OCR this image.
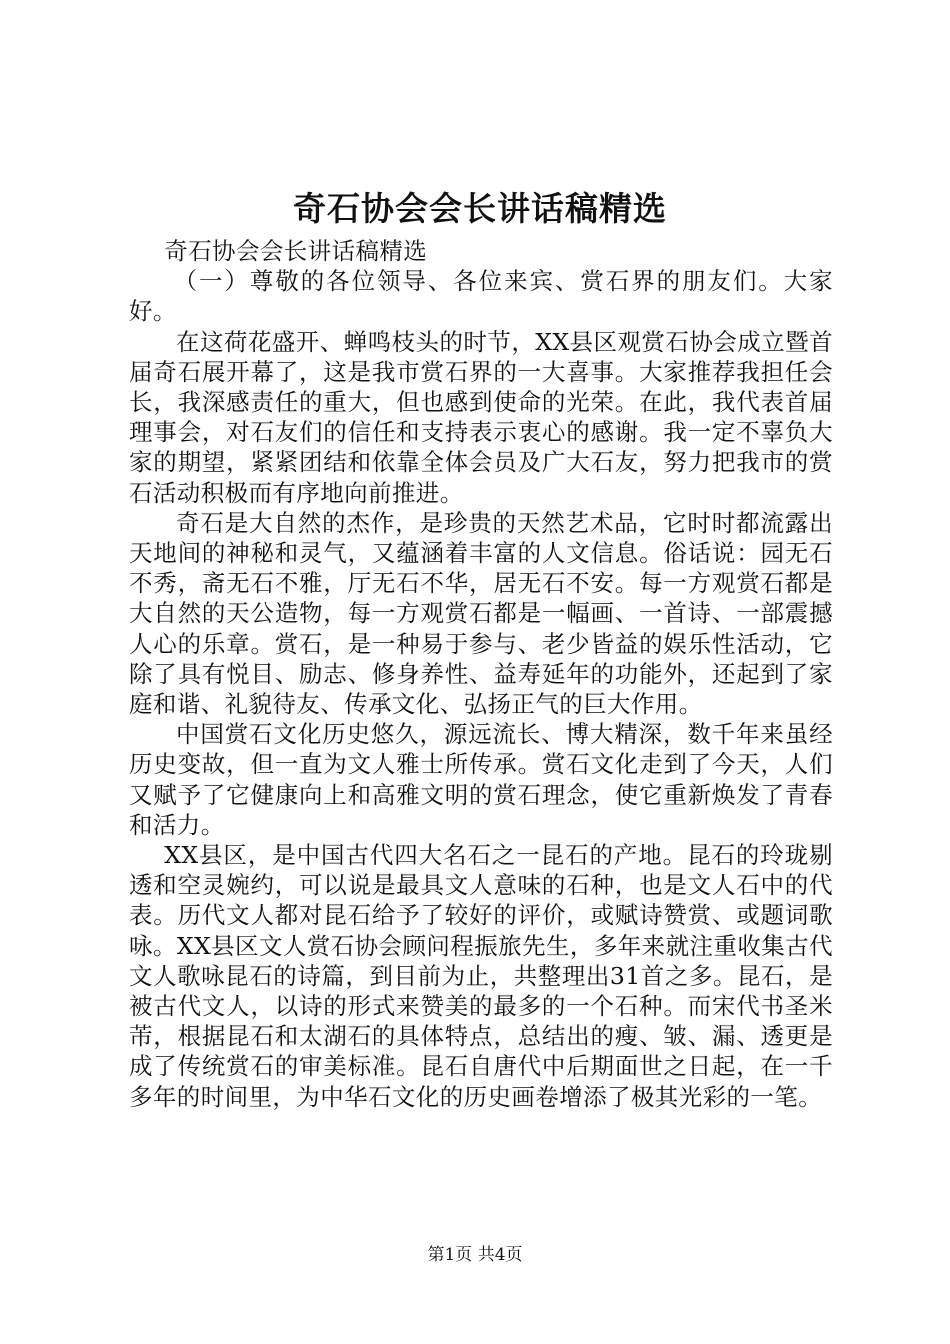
奇石协会会长讲话稿精选

奇石协会会长讲话稿精选

（一）尊敬的各位领导、各位来宾、赏石界的朋友们。大家好。

在这荷花盛开、蝉鸣枝头的时节，XX县区观赏石协会成立暨首届奇石展开幕了，这是我市赏石界的一大喜事。大家推荐我担任会长，我深感责任的重大，但也感到使命的光荣。在此，我代表首届理事会，对石友们的信任和支持表示衷心的感谢。我一定不辜负大家的期望，紧紧团结和依靠全体会员及广大石友，努力把我市的赏石活动积极而有序地向前推进。

奇石是大自然的杰作，是珍贵的天然艺术品，它时时都流露出天地间的神秘和灵气，又蕴涵着丰富的人文信息。俗话说：园无石不秀，斋无石不雅，厅无石不华，居无石不安。每一方观赏石都是大自然的天公造物，每一方观赏石都是一幅画、一首诗、一部震撼人心的乐章。赏石，是一种易于参与、老少皆益的娱乐性活动，它除了具有悦目、励志、修身养性、益寿延年的功能外，还起到了家庭和谐、礼貌待友、传承文化、弘扬正气的巨大作用。

中国赏石文化历史悠久，源远流长、博大精深，数千年来虽经历史变故，但一直为文人雅士所传承。赏石文化走到了今天，人们又赋予了它健康向上和高雅文明的赏石理念，使它重新焕发了青春和活力。

XX县区，是中国古代四大名石之一昆石的产地。昆石的玲珑剔透和空灵婉约，可以说是最具文人意味的石种，也是文人石中的代表。历代文人都对昆石给予了较好的评价，或赋诗赞赏、或题词歌咏。XX县区文人赏石协会顾问程振旅先生，多年来就注重收集古代文人歌咏昆石的诗篇，到目前为止，共整理出31首之多。昆石，是被古代文人，以诗的形式来赞美的最多的一个石种。而宋代书圣米芾，根据昆石和太湖石的具体特点，总结出的瘦、皱、漏、透更是成了传统赏石的审美标准。昆石自唐代中后期面世之日起，在一千多年的时间里，为中华石文化的历史画卷增添了极其光彩的一笔。

第1页 共4页
